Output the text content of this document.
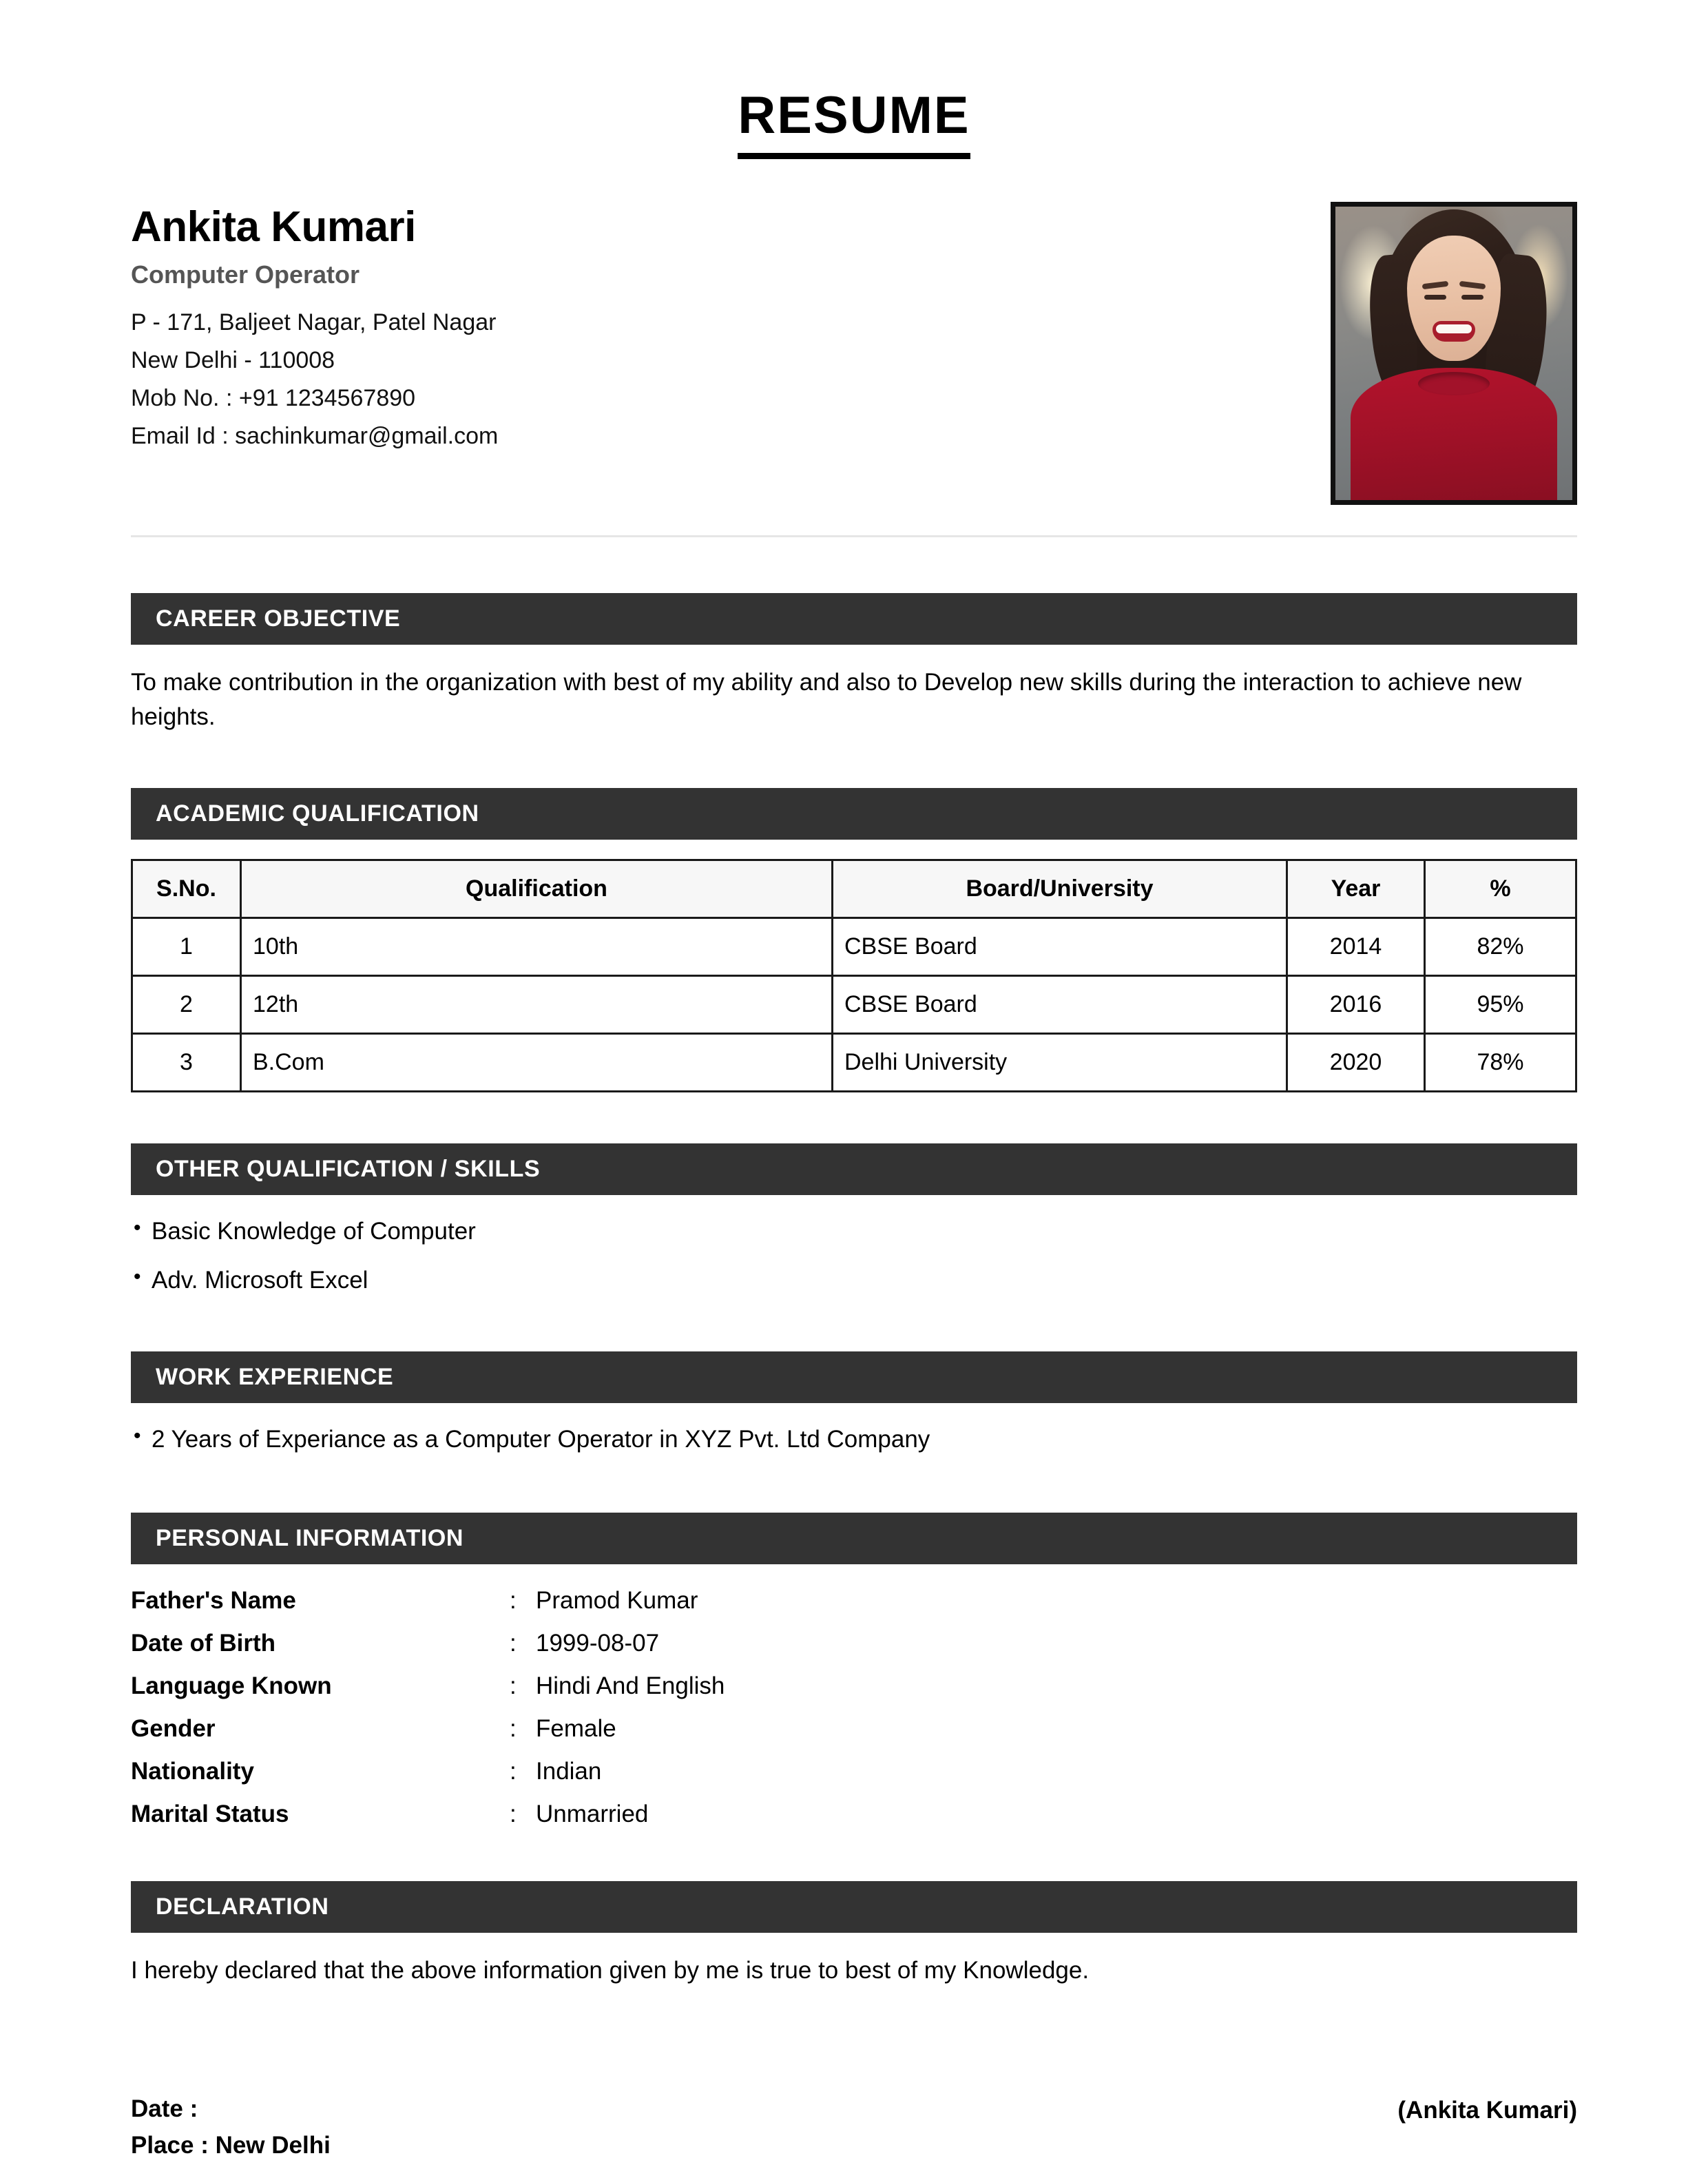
RESUME
Ankita Kumari
Computer Operator
P - 171, Baljeet Nagar, Patel Nagar
New Delhi - 110008
Mob No. : +91 1234567890
Email Id : sachinkumar@gmail.com
CAREER OBJECTIVE

To make contribution in the organization with best of my ability and also to Develop new skills during the interaction to achieve new heights.

ACADEMIC QUALIFICATION
S.No.	Qualification	Board/University	Year	%
1	10th	CBSE Board	2014	82%
2	12th	CBSE Board	2016	95%
3	B.Com	Delhi University	2020	78%
OTHER QUALIFICATION / SKILLS
• Basic Knowledge of Computer
• Adv. Microsoft Excel
WORK EXPERIENCE
• 2 Years of Experiance as a Computer Operator in XYZ Pvt. Ltd Company
PERSONAL INFORMATION
Father's Name	: Pramod Kumar
Date of Birth	: 1999-08-07
Language Known	: Hindi And English
Gender	: Female
Nationality	: Indian
Marital Status	: Unmarried
DECLARATION

I hereby declared that the above information given by me is true to best of my Knowledge.

Date :
Place : New Delhi
(Ankita Kumari)
